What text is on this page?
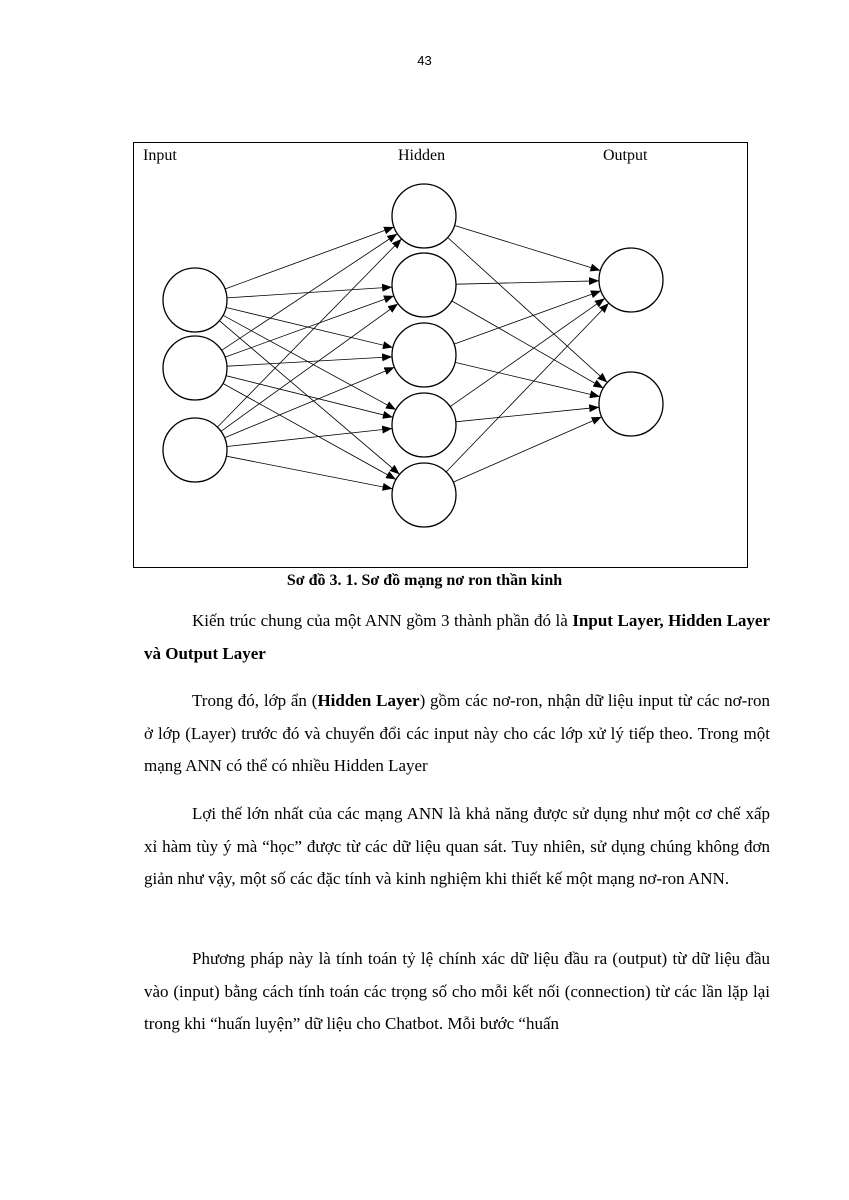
43
Input	Hidden	Output
Sơ đồ 3. 1. Sơ đồ mạng nơ ron thần kinh

Kiến trúc chung của một ANN gồm 3 thành phần đó là Input Layer, Hidden Layer và Output Layer

Trong đó, lớp ẩn (Hidden Layer) gồm các nơ-ron, nhận dữ liệu input từ các nơ-ron ở lớp (Layer) trước đó và chuyển đổi các input này cho các lớp xử lý tiếp theo. Trong một mạng ANN có thể có nhiều Hidden Layer

Lợi thế lớn nhất của các mạng ANN là khả năng được sử dụng như một cơ chế xấp xỉ hàm tùy ý mà “học” được từ các dữ liệu quan sát. Tuy nhiên, sử dụng chúng không đơn giản như vậy, một số các đặc tính và kinh nghiệm khi thiết kế một mạng nơ-ron ANN.

Phương pháp này là tính toán tỷ lệ chính xác dữ liệu đầu ra (output) từ dữ liệu đầu vào (input) bằng cách tính toán các trọng số cho mỗi kết nối (connection) từ các lần lặp lại trong khi “huấn luyện” dữ liệu cho Chatbot. Mỗi bước “huấn
